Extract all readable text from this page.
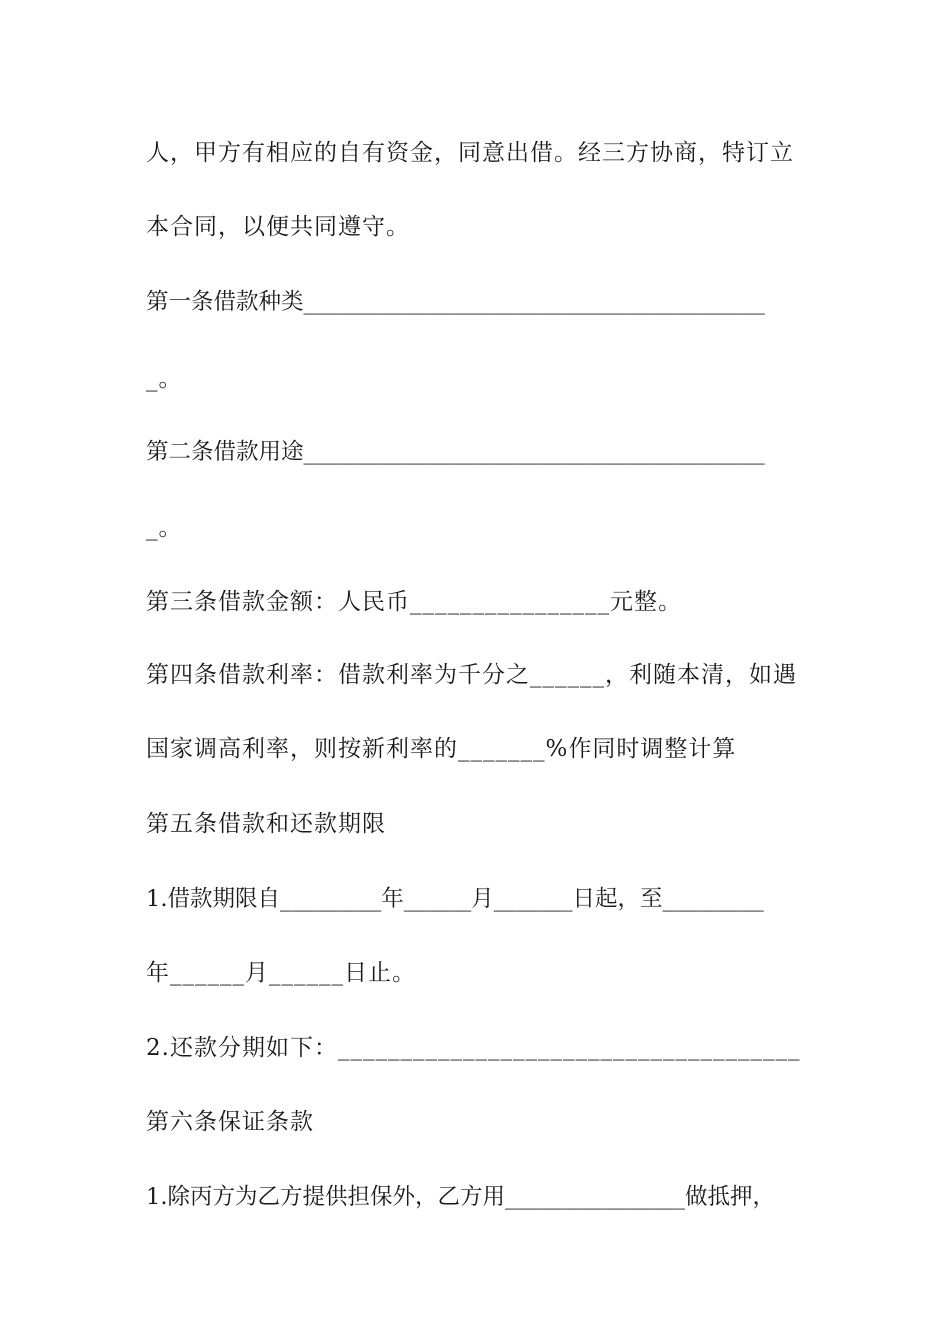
人，甲方有相应的自有资金，同意出借。经三方协商，特订立
本合同，以便共同遵守。
第一条借款种类_________________________________________
_。
第二条借款用途_________________________________________
_。
第三条借款金额：人民币________________元整。
第四条借款利率：借款利率为千分之______，利随本清，如遇
国家调高利率，则按新利率的_______%作同时调整计算
第五条借款和还款期限
1.借款期限自_________年______月_______日起，至_________
年______月______日止。
2.还款分期如下：_____________________________________
第六条保证条款
1.除丙方为乙方提供担保外，乙方用________________做抵押，
